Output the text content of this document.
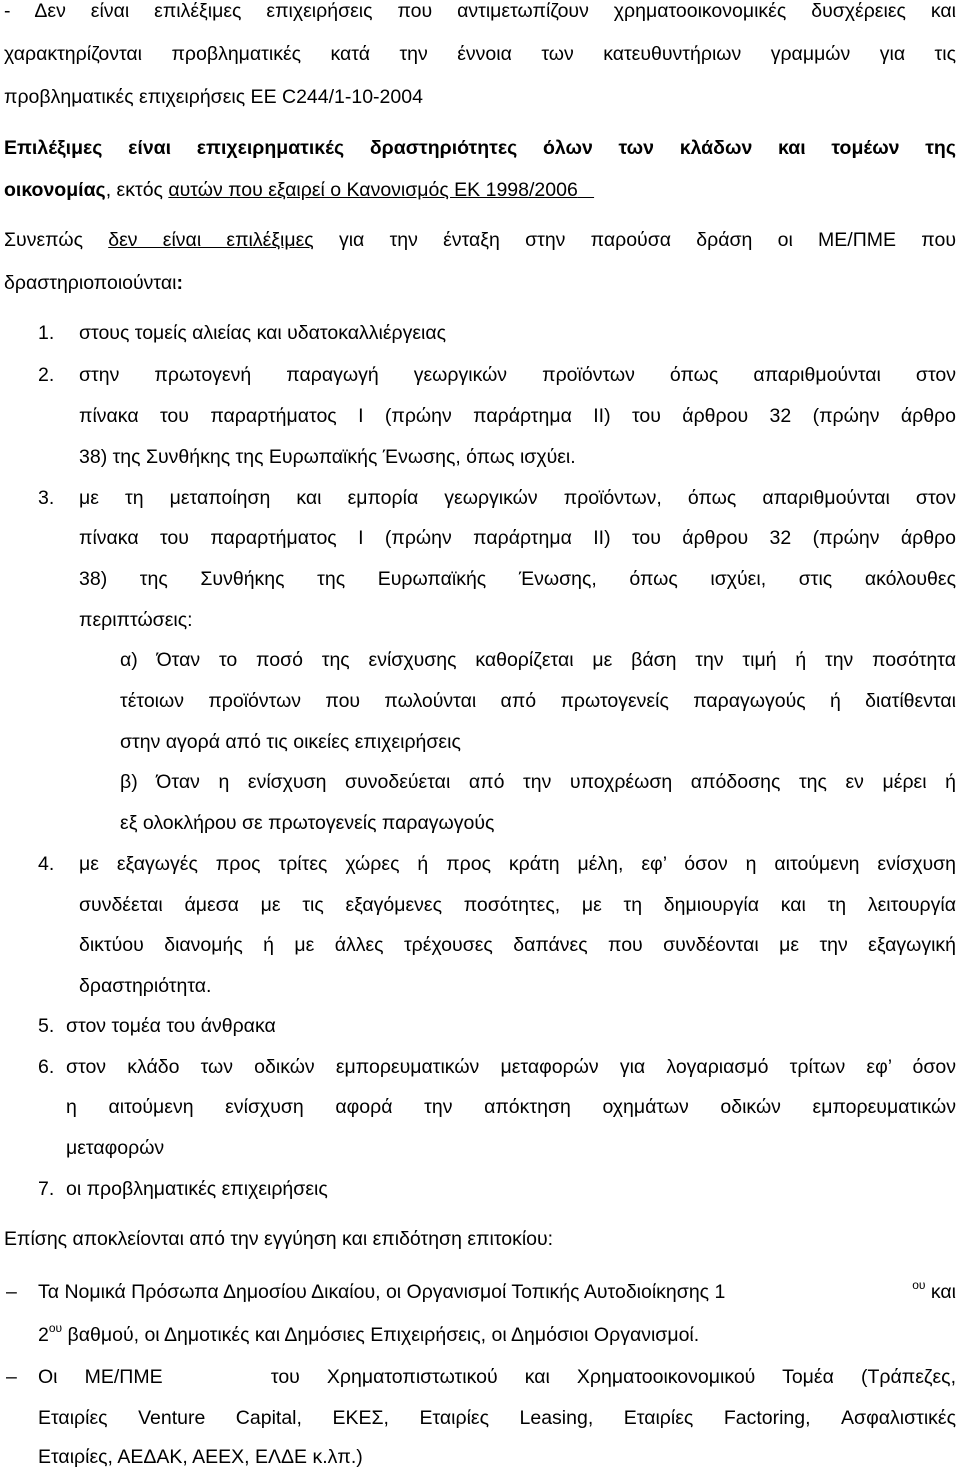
- Δεν είναι επιλέξιμες επιχειρήσεις που αντιμετωπίζουν χρηματοοικονομικές δυσχέρειες και
χαρακτηρίζονται προβληματικές κατά την έννοια των κατευθυντήριων γραμμών για τις
προβληματικές επιχειρήσεις ΕΕ C244/1-10-2004
Επιλέξιμες είναι επιχειρηματικές δραστηριότητες όλων των κλάδων και τομέων της
οικονομίας, εκτός αυτών που εξαιρεί ο Κανονισμός ΕΚ 1998/2006
Συνεπώς δεν είναι επιλέξιμες για την ένταξη στην παρούσα δράση οι ΜΕ/ΠΜΕ που
δραστηριοποιούνται:
1. στους τομείς αλιείας και υδατοκαλλιέργειας
2. στην πρωτογενή παραγωγή γεωργικών προϊόντων όπως απαριθμούνται στον
πίνακα του παραρτήματος Ι (πρώην παράρτημα ΙΙ) του άρθρου 32 (πρώην άρθρο
38) της Συνθήκης της Ευρωπαϊκής Ένωσης, όπως ισχύει.
3. με τη μεταποίηση και εμπορία γεωργικών προϊόντων, όπως απαριθμούνται στον
πίνακα του παραρτήματος Ι (πρώην παράρτημα ΙΙ) του άρθρου 32 (πρώην άρθρο
38) της Συνθήκης της Ευρωπαϊκής Ένωσης, όπως ισχύει, στις ακόλουθες
περιπτώσεις:
α) Όταν το ποσό της ενίσχυσης καθορίζεται με βάση την τιμή ή την ποσότητα
τέτοιων προϊόντων που πωλούνται από πρωτογενείς παραγωγούς ή διατίθενται
στην αγορά από τις οικείες επιχειρήσεις
β) Όταν η ενίσχυση συνοδεύεται από την υποχρέωση απόδοσης της εν μέρει ή
εξ ολοκλήρου σε πρωτογενείς παραγωγούς
4. με εξαγωγές προς τρίτες χώρες ή προς κράτη μέλη, εφ’ όσον η αιτούμενη ενίσχυση
συνδέεται άμεσα με τις εξαγόμενες ποσότητες, με τη δημιουργία και τη λειτουργία
δικτύου διανομής ή με άλλες τρέχουσες δαπάνες που συνδέονται με την εξαγωγική
δραστηριότητα.
5. στον τομέα του άνθρακα
6. στον κλάδο των οδικών εμπορευματικών μεταφορών για λογαριασμό τρίτων εφ’ όσον
η αιτούμενη ενίσχυση αφορά την απόκτηση οχημάτων οδικών εμπορευματικών
μεταφορών
7. οι προβληματικές επιχειρήσεις
Επίσης αποκλείονται από την εγγύηση και επιδότηση επιτοκίου:
– Τα Νομικά Πρόσωπα Δημοσίου Δικαίου, οι Οργανισμοί Τοπικής Αυτοδιοίκησης 1	$^{o\upsilon}$ και
$2^{o\upsilon}$ βαθμού, οι Δημοτικές και Δημόσιες Επιχειρήσεις, οι Δημόσιοι Οργανισμοί.
– Οι ΜΕ/ΠΜΕ    του Χρηματοπιστωτικού και Χρηματοοικονομικού Τομέα (Τράπεζες,
Εταιρίες Venture Capital, ΕΚΕΣ, Εταιρίες Leasing, Εταιρίες Factoring, Ασφαλιστικές
Εταιρίες, ΑΕΔΑΚ, ΑΕΕΧ, ΕΛΔΕ κ.λπ.)
